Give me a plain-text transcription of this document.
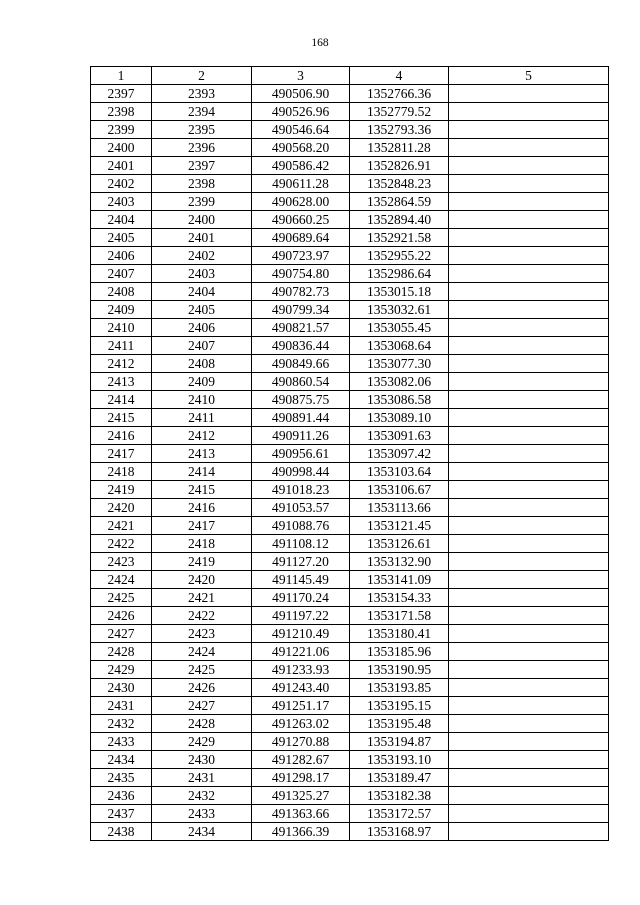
168
1	2	3	4	5
2397	2393	490506.90	1352766.36	
2398	2394	490526.96	1352779.52	
2399	2395	490546.64	1352793.36	
2400	2396	490568.20	1352811.28	
2401	2397	490586.42	1352826.91	
2402	2398	490611.28	1352848.23	
2403	2399	490628.00	1352864.59	
2404	2400	490660.25	1352894.40	
2405	2401	490689.64	1352921.58	
2406	2402	490723.97	1352955.22	
2407	2403	490754.80	1352986.64	
2408	2404	490782.73	1353015.18	
2409	2405	490799.34	1353032.61	
2410	2406	490821.57	1353055.45	
2411	2407	490836.44	1353068.64	
2412	2408	490849.66	1353077.30	
2413	2409	490860.54	1353082.06	
2414	2410	490875.75	1353086.58	
2415	2411	490891.44	1353089.10	
2416	2412	490911.26	1353091.63	
2417	2413	490956.61	1353097.42	
2418	2414	490998.44	1353103.64	
2419	2415	491018.23	1353106.67	
2420	2416	491053.57	1353113.66	
2421	2417	491088.76	1353121.45	
2422	2418	491108.12	1353126.61	
2423	2419	491127.20	1353132.90	
2424	2420	491145.49	1353141.09	
2425	2421	491170.24	1353154.33	
2426	2422	491197.22	1353171.58	
2427	2423	491210.49	1353180.41	
2428	2424	491221.06	1353185.96	
2429	2425	491233.93	1353190.95	
2430	2426	491243.40	1353193.85	
2431	2427	491251.17	1353195.15	
2432	2428	491263.02	1353195.48	
2433	2429	491270.88	1353194.87	
2434	2430	491282.67	1353193.10	
2435	2431	491298.17	1353189.47	
2436	2432	491325.27	1353182.38	
2437	2433	491363.66	1353172.57	
2438	2434	491366.39	1353168.97	
